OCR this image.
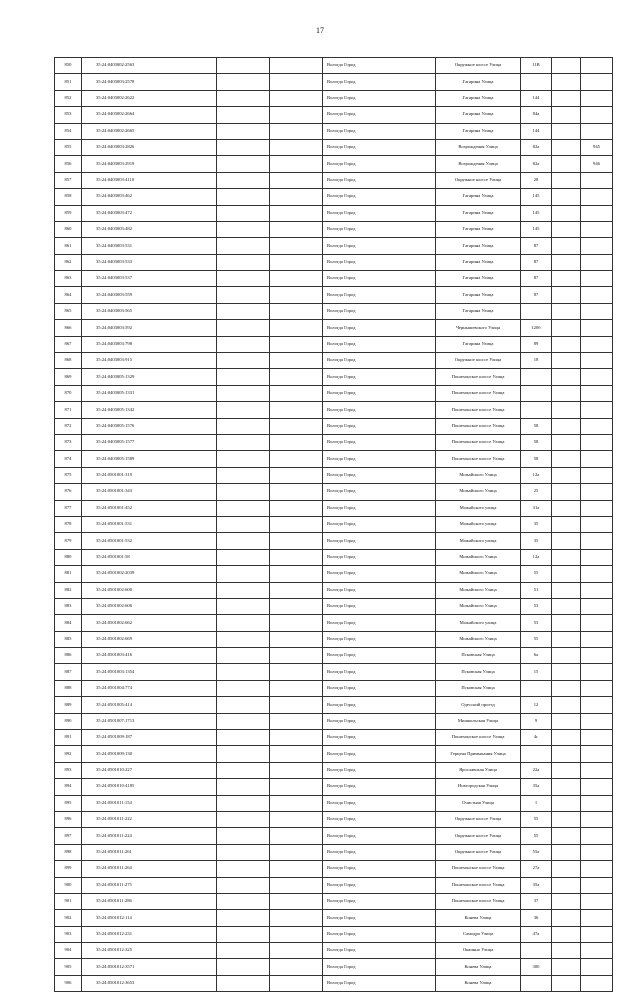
17
850	35:24:0403002:2563			Вологда Город	Окружное шоссе Улица	11В		
851	35:24:0403003:2578			Вологда Город	Гагарина Улица			
852	35:24:0403002:2622			Вологда Город	Гагарина Улица	144		
853	35:24:0403002:2664			Вологда Город	Гагарина Улица	84а		
854	35:24:0403002:2665			Вологда Город	Гагарина Улица	144		
855	35:24:0403003:2826			Вологда Город	Возрождения Улица	82а		945
856	35:24:0403003:2919			Вологда Город	Возрождения Улица	82а		946
857	35:24:0403003:4110			Вологда Город	Окружное шоссе Улица	28		
858	35:24:0403003:462			Вологда Город	Гагарина Улица	145		
859	35:24:0403003:472			Вологда Город	Гагарина Улица	145		
860	35:24:0403003:482			Вологда Город	Гагарина Улица	145		
861	35:24:0403003:531			Вологда Город	Гагарина Улица	87		
862	35:24:0403003:533			Вологда Город	Гагарина Улица	87		
863	35:24:0403003:537			Вологда Город	Гагарина Улица	87		
864	35:24:0403003:559			Вологда Город	Гагарина Улица	87		
865	35:24:0403003:565			Вологда Город	Гагарина Улица			
866	35:24:0403003:592			Вологда Город	Чернышевского Улица	120б		
867	35:24:0403003:798			Вологда Город	Гагарина Улица	89		
868	35:24:0403003:915			Вологда Город	Окружное шоссе Улица	18		
869	35:24:0403005:1329			Вологда Город	Пошехонское шоссе Улица			
870	35:24:0403005:1331			Вологда Город	Пошехонское шоссе Улица			
871	35:24:0403005:1342			Вологда Город	Пошехонское шоссе Улица			
872	35:24:0403005:1576			Вологда Город	Пошехонское шоссе Улица	58		
873	35:24:0403005:1577			Вологда Город	Пошехонское шоссе Улица	58		
874	35:24:0403005:1589			Вологда Город	Пошехонское шоссе Улица	58		
875	35:24:0501001:319			Вологда Город	Можайского Улица	12а		
876	35:24:0501001:343			Вологда Город	Можайского Улица	25		
877	35:24:0501001:452			Вологда Город	Можайского улица	31а		
878	35:24:0501001:531			Вологда Город	Можайского улица	35		
879	35:24:0501001:532			Вологда Город	Можайского улица	35		
880	35:24:0501001:58			Вологда Город	Можайского Улица	12а		
881	35:24:0501002:2039			Вологда Город	Можайского Улица	55		
882	35:24:0501002:600			Вологда Город	Можайского Улица	51		
883	35:24:0501002:606			Вологда Город	Можайского Улица	53		
884	35:24:0501002:662			Вологда Город	Можайского улица	53		
885	35:24:0501002:669			Вологда Город	Можайского Улица	55		
886	35:24:0501003:416			Вологда Город	Псковская Улица	6а		
887	35:24:0501003:1354			Вологда Город	Псковская Улица	15		
888	35:24:0501004:774			Вологда Город	Псковская Улица			
889	35:24:0501005:414			Вологда Город	Одесский проезд	12		
890	35:24:0501007:1713			Вологда Город	Мишкольская Улица	9		
891	35:24:0501009:187			Вологда Город	Пошехонское шоссе Улица	4г		
892	35:24:0501009:130			Вологда Город	Герцена Примыкания Улица			
893	35:24:0501010:227			Вологда Город	Ярославская Улица	22а		
894	35:24:0501010:4185			Вологда Город	Новгородская Улица	35а		
895	35:24:0501011:154			Вологда Город	Очистная Улица	1		
896	35:24:0501011:222			Вологда Город	Окружное шоссе Улица	55		
897	35:24:0501011:224			Вологда Город	Окружное шоссе Улица	55		
898	35:24:0501011:261			Вологда Город	Окружное шоссе Улица	55а		
899	35:24:0501011:264			Вологда Город	Пошехонское шоссе Улица	27а		
900	35:24:0501011:275			Вологда Город	Пошехонское шоссе Улица	35а		
901	35:24:0501011:286			Вологда Город	Пошехонское шоссе Улица	37		
902	35:24:0501012:114			Вологда Город	Конева Улица	36		
903	35:24:0501012:231			Вологда Город	Самодра Улица	47а		
904	35:24:0501012:325			Вологда Город	Окаинно Улица			
905	35:24:0501012:3571			Вологда Город	Конева Улица	300		
906	35:24:0501012:3653			Вологда Город	Конева Улица			
